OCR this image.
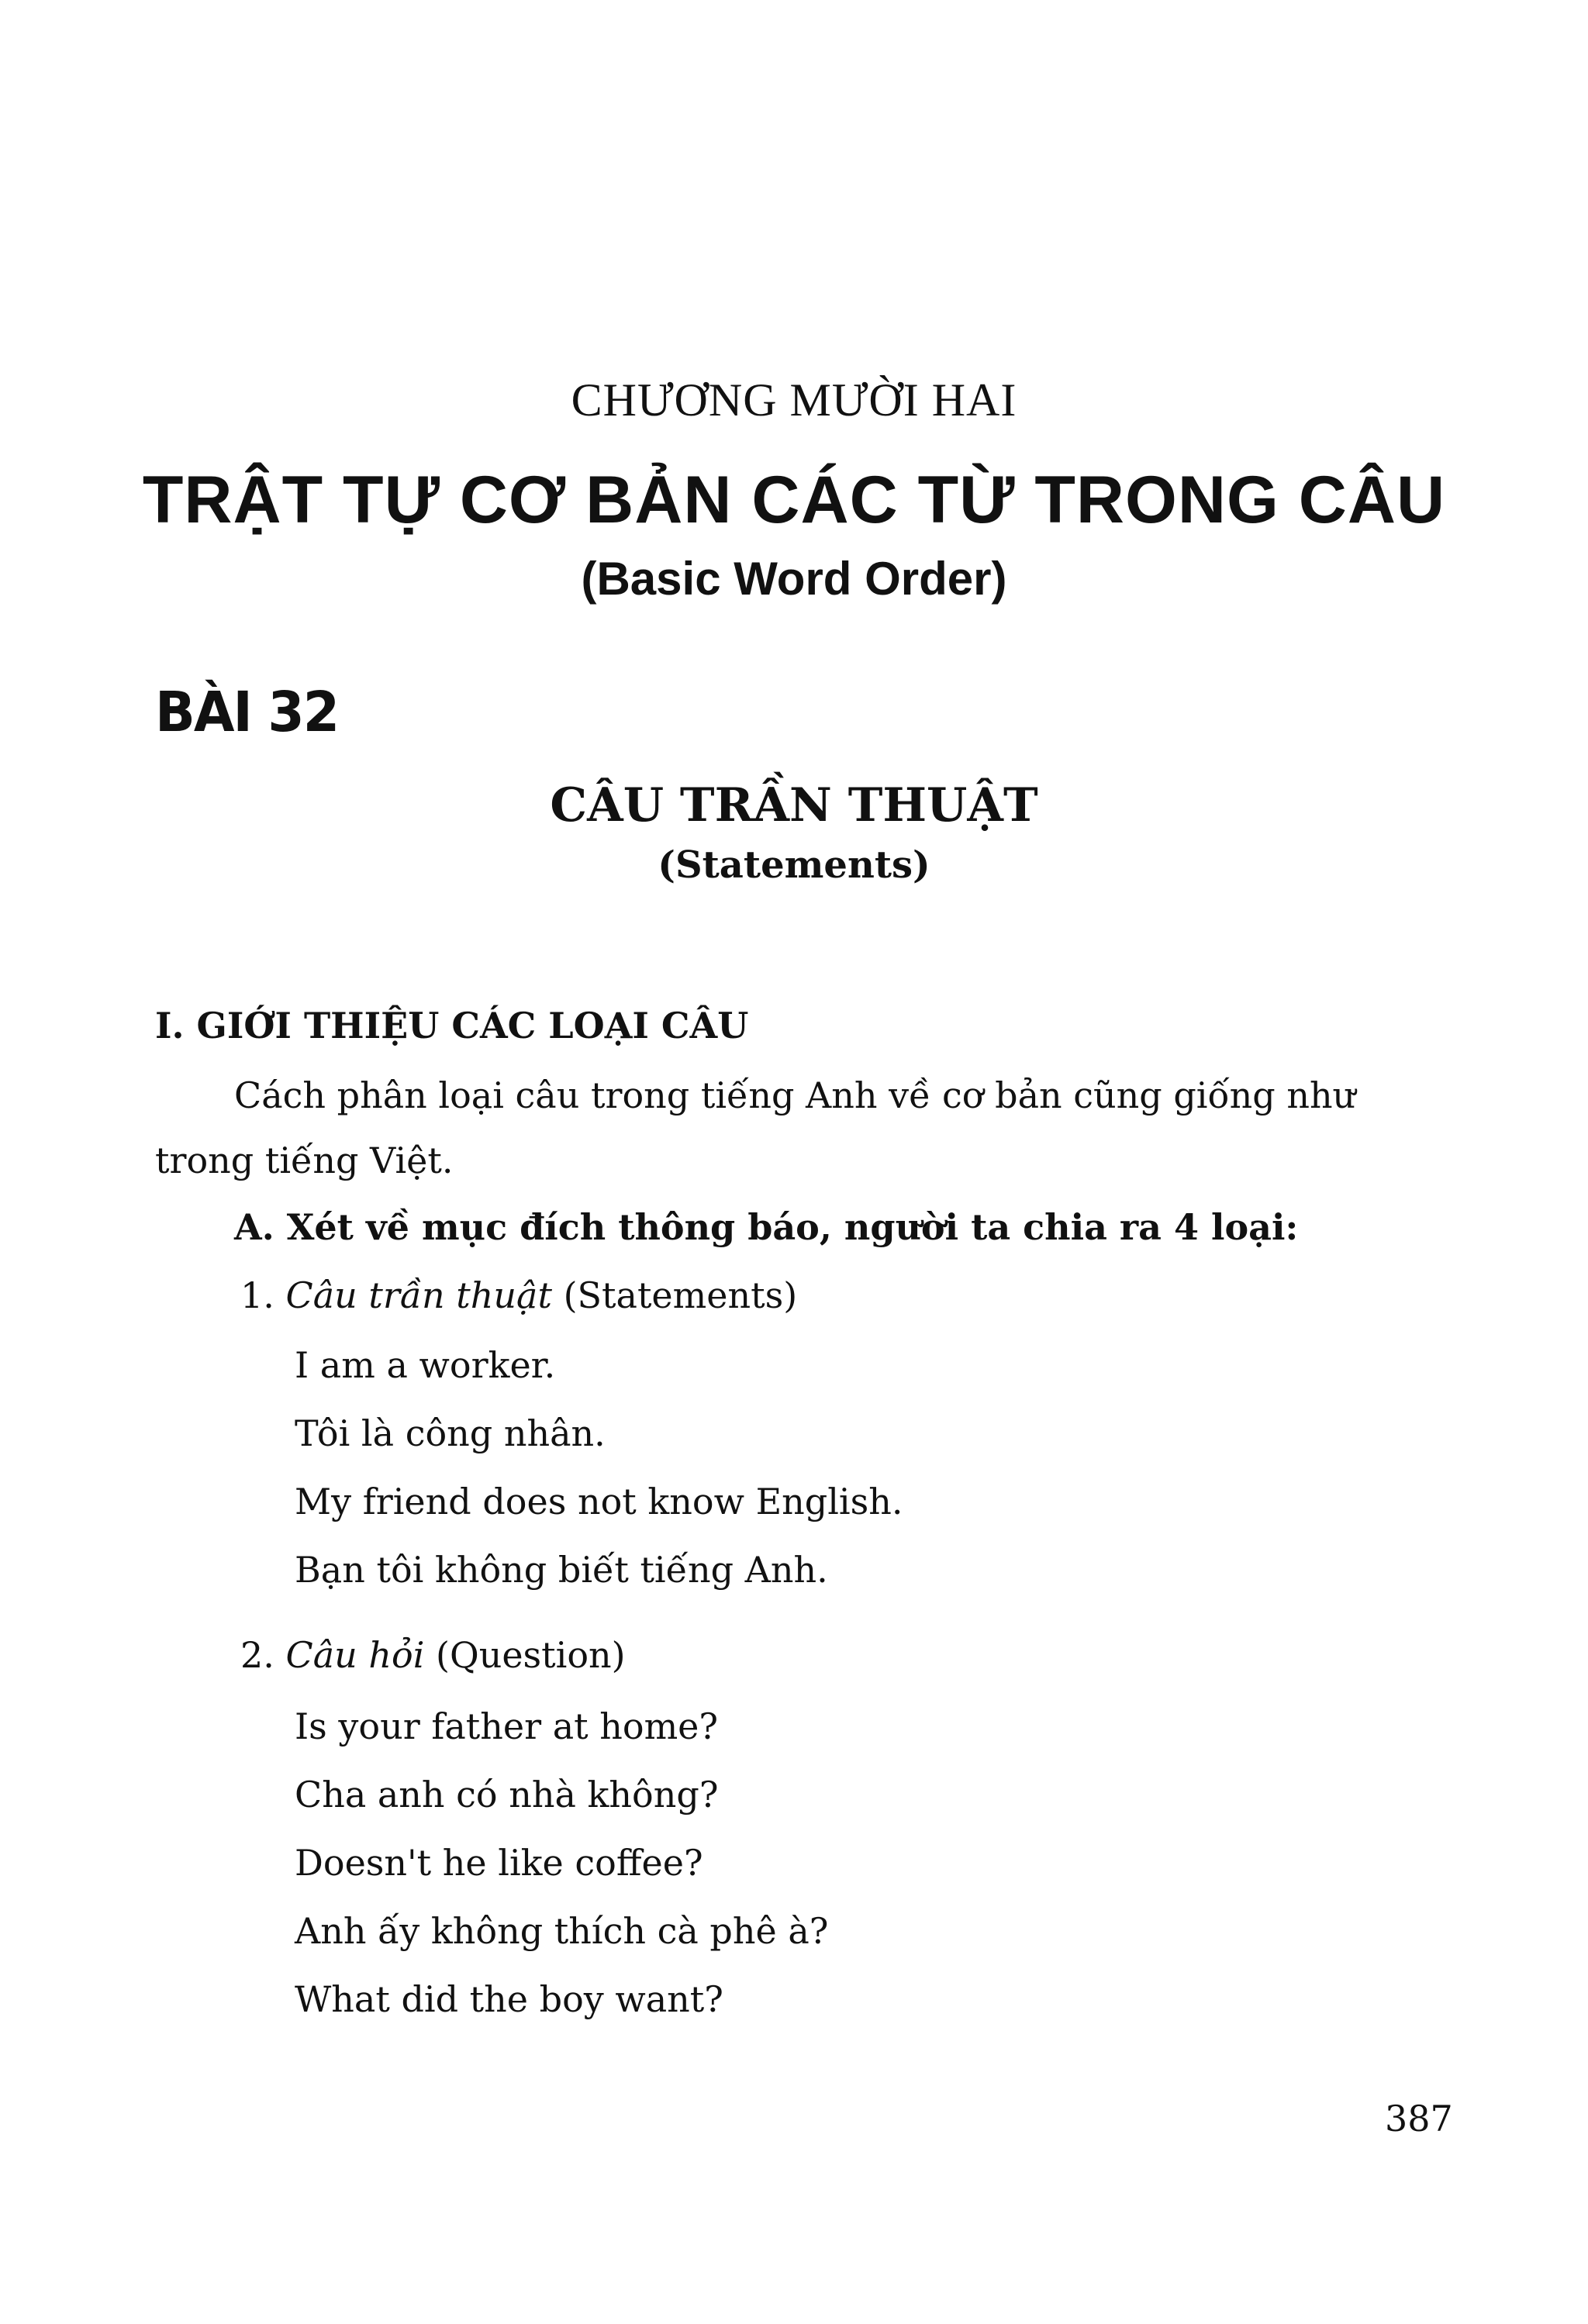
CHƯƠNG MƯỜI HAI
TRẬT TỰ CƠ BẢN CÁC TỪ TRONG CÂU
(Basic Word Order)
BÀI 32
CÂU TRẦN THUẬT
(Statements)
I. GIỚI THIỆU CÁC LOẠI CÂU
Cách phân loại câu trong tiếng Anh về cơ bản cũng giống như
trong tiếng Việt.
A. Xét về mục đích thông báo, người ta chia ra 4 loại:
1. Câu trần thuật (Statements)
I am a worker.
Tôi là công nhân.
My friend does not know English.
Bạn tôi không biết tiếng Anh.
2. Câu hỏi (Question)
Is your father at home?
Cha anh có nhà không?
Doesn't he like coffee?
Anh ấy không thích cà phê à?
What did the boy want?
387
